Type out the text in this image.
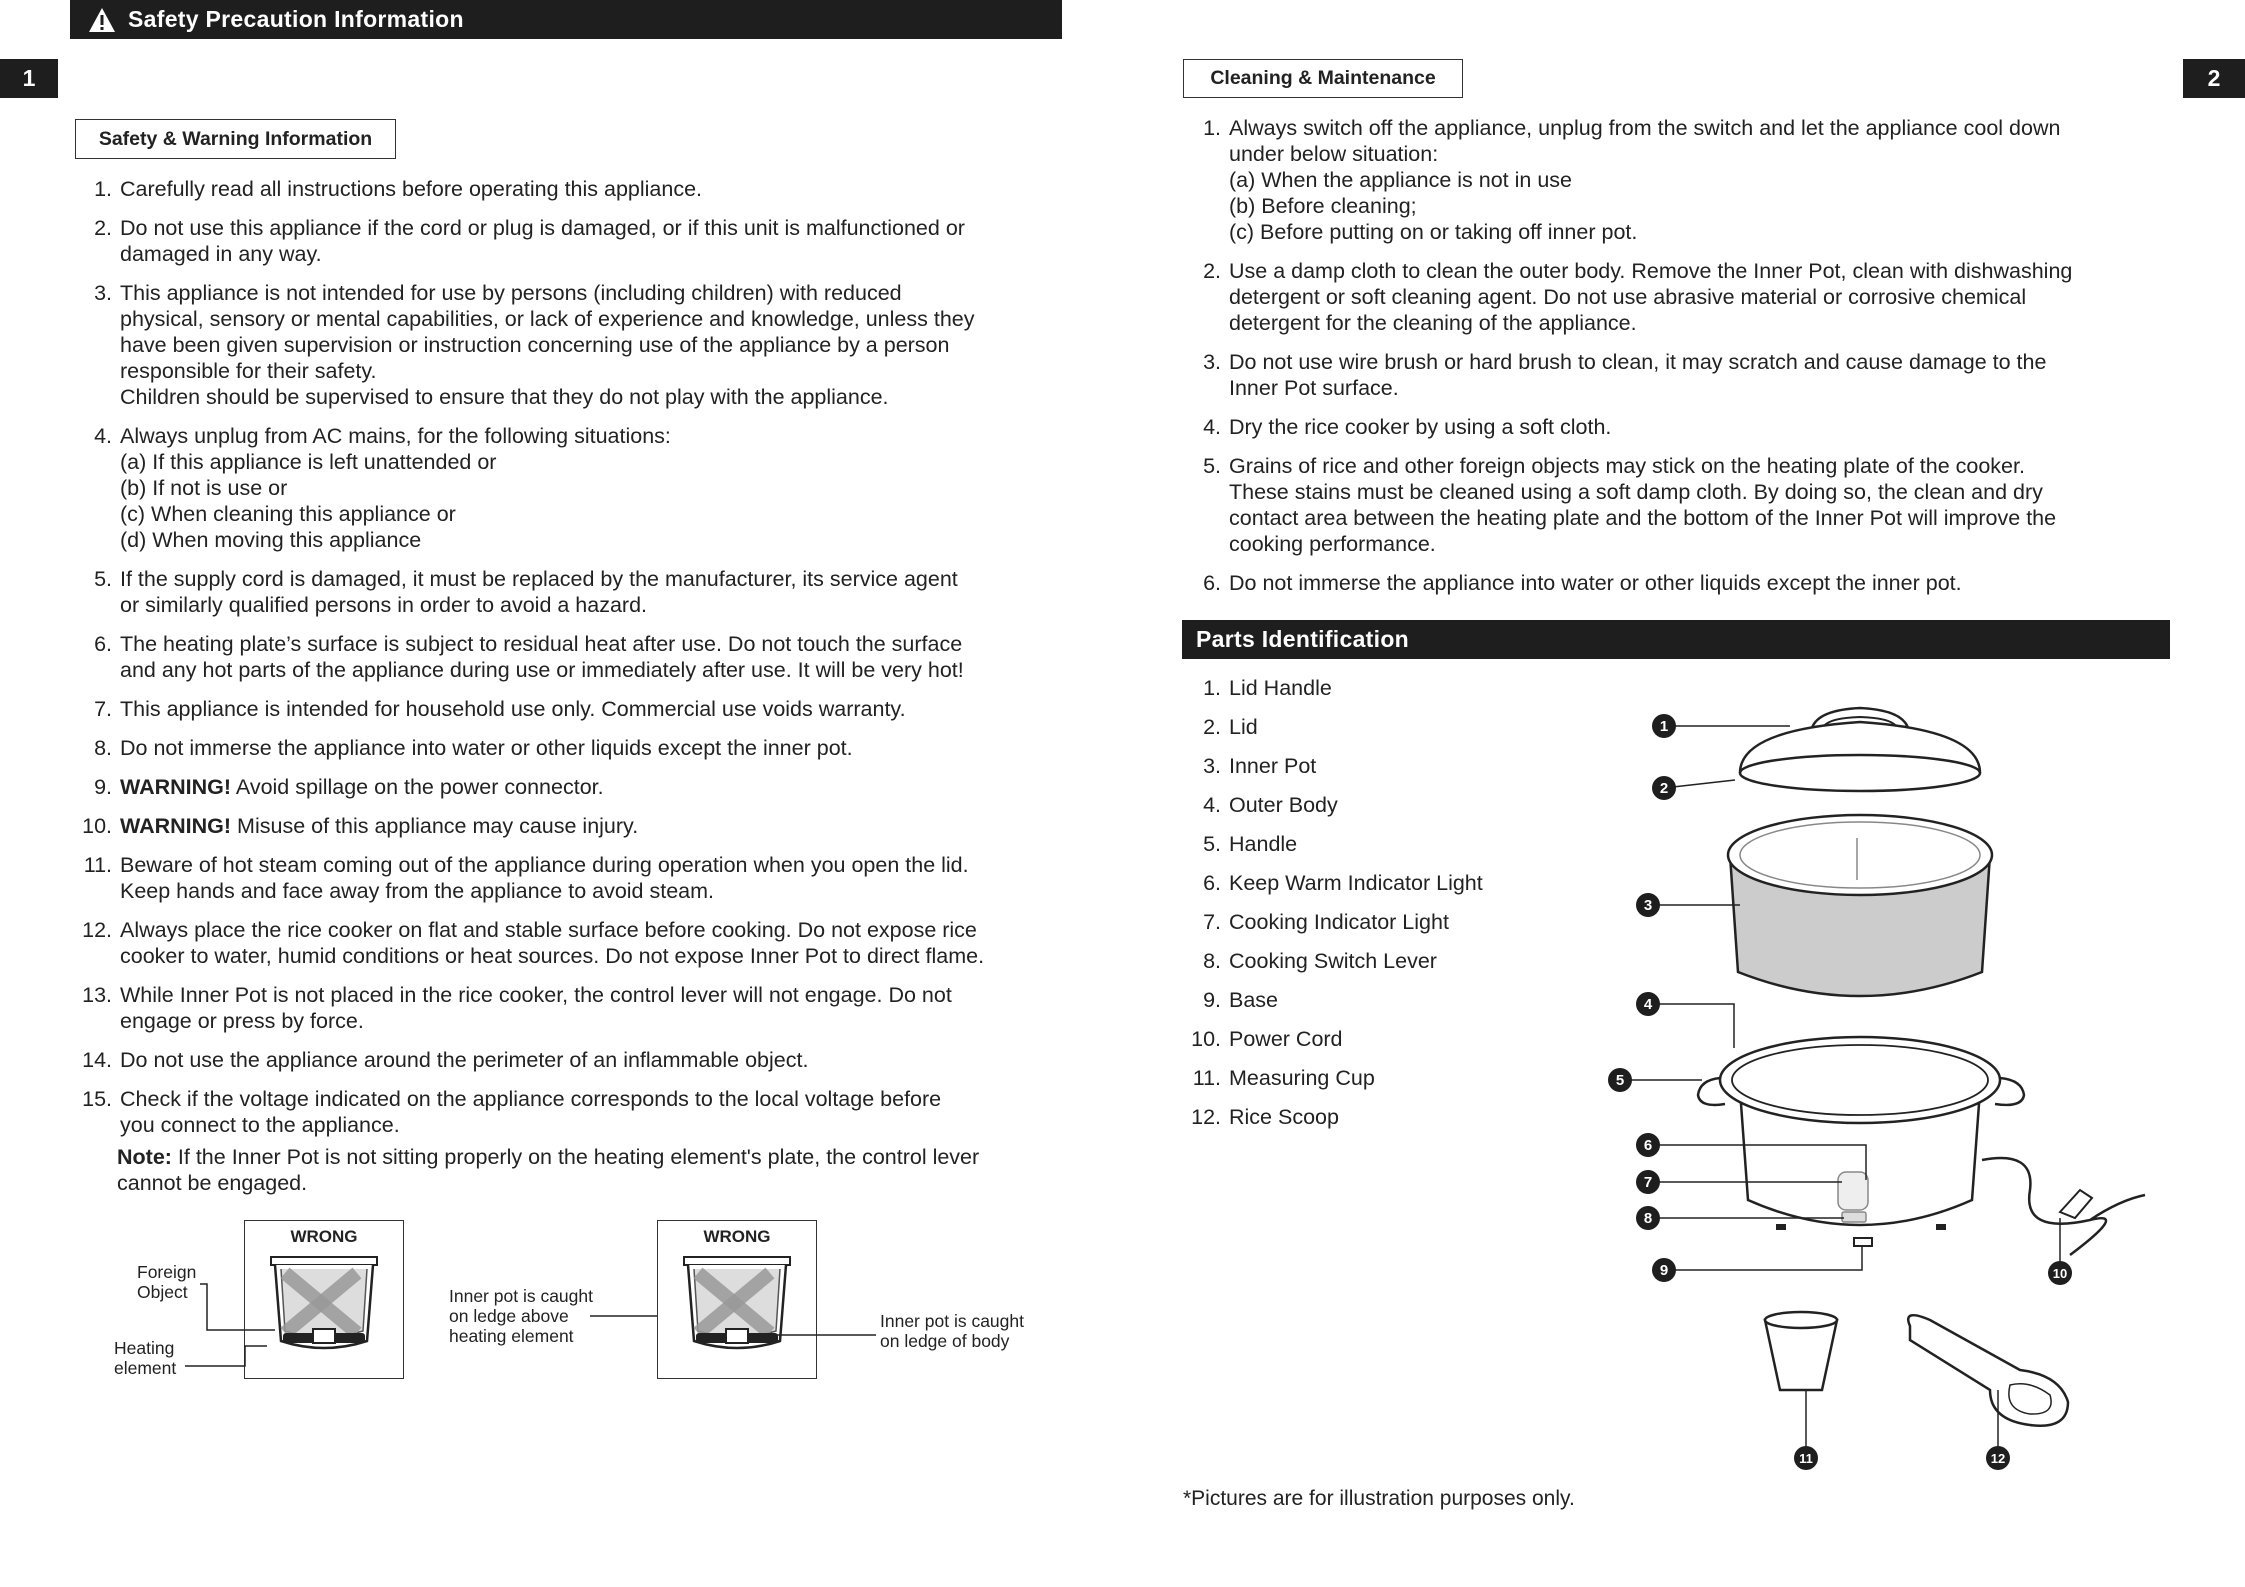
1
Safety Precaution Information
Safety & Warning Information
1. Carefully read all instructions before operating this appliance.
2. Do not use this appliance if the cord or plug is damaged, or if this unit is malfunctioned or
damaged in any way.
3. This appliance is not intended for use by persons (including children) with reduced
physical, sensory or mental capabilities, or lack of experience and knowledge, unless they
have been given supervision or instruction concerning use of the appliance by a person
responsible for their safety.
Children should be supervised to ensure that they do not play with the appliance.
4. Always unplug from AC mains, for the following situations:
(a) If this appliance is left unattended or
(b) If not is use or
(c) When cleaning this appliance or
(d) When moving this appliance
5. If the supply cord is damaged, it must be replaced by the manufacturer, its service agent
or similarly qualified persons in order to avoid a hazard.
6. The heating plate’s surface is subject to residual heat after use. Do not touch the surface
and any hot parts of the appliance during use or immediately after use. It will be very hot!
7. This appliance is intended for household use only. Commercial use voids warranty.
8. Do not immerse the appliance into water or other liquids except the inner pot.
9. WARNING! Avoid spillage on the power connector.
10. WARNING! Misuse of this appliance may cause injury.
11. Beware of hot steam coming out of the appliance during operation when you open the lid.
Keep hands and face away from the appliance to avoid steam.
12. Always place the rice cooker on flat and stable surface before cooking. Do not expose rice
cooker to water, humid conditions or heat sources. Do not expose Inner Pot to direct flame.
13. While Inner Pot is not placed in the rice cooker, the control lever will not engage. Do not
engage or press by force.
14. Do not use the appliance around the perimeter of an inflammable object.
15. Check if the voltage indicated on the appliance corresponds to the local voltage before
you connect to the appliance.
Note: If the Inner Pot is not sitting properly on the heating element's plate, the control lever
cannot be engaged.
WRONG
Foreign
Object
Heating
element
Inner pot is caught
on ledge above
heating element
WRONG
Inner pot is caught
on ledge of body
Cleaning & Maintenance	2
1. Always switch off the appliance, unplug from the switch and let the appliance cool down
under below situation:
(a) When the appliance is not in use
(b) Before cleaning;
(c) Before putting on or taking off inner pot.
2. Use a damp cloth to clean the outer body. Remove the Inner Pot, clean with dishwashing
detergent or soft cleaning agent. Do not use abrasive material or corrosive chemical
detergent for the cleaning of the appliance.
3. Do not use wire brush or hard brush to clean, it may scratch and cause damage to the
Inner Pot surface.
4. Dry the rice cooker by using a soft cloth.
5. Grains of rice and other foreign objects may stick on the heating plate of the cooker.
These stains must be cleaned using a soft damp cloth. By doing so, the clean and dry
contact area between the heating plate and the bottom of the Inner Pot will improve the
cooking performance.
6. Do not immerse the appliance into water or other liquids except the inner pot.
Parts Identification
1. Lid Handle
2. Lid
3. Inner Pot
4. Outer Body
5. Handle
6. Keep Warm Indicator Light
7. Cooking Indicator Light
8. Cooking Switch Lever
9. Base
10. Power Cord
11. Measuring Cup
12. Rice Scoop
1
2
3
4
5
6
7
8
9	10
11	12
*Pictures are for illustration purposes only.
